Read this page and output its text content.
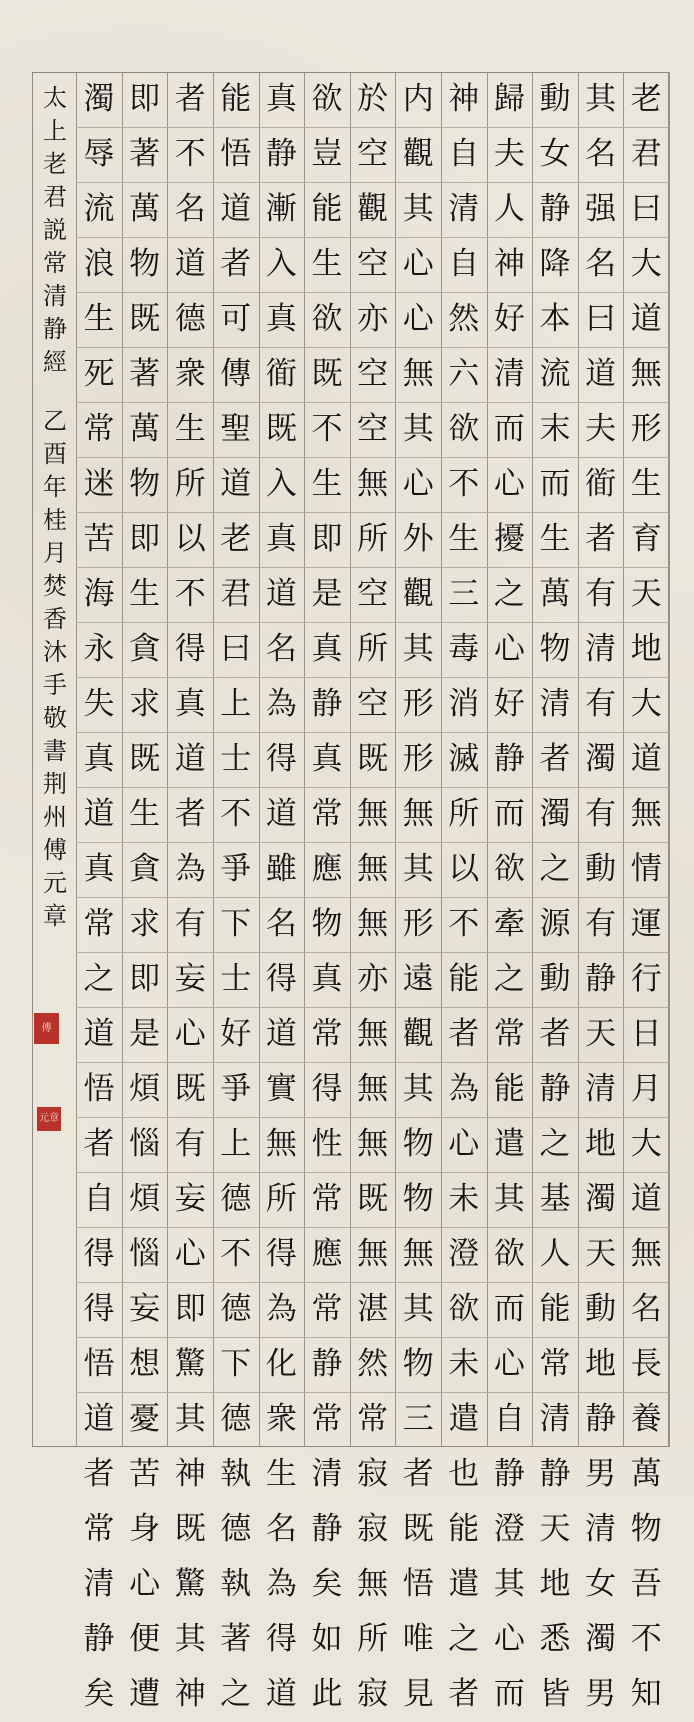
老
君
曰
大
道
無
形
生
育
天
地
大
道
無
情
運
行
日
月
大
道
無
名
長
養
萬
物
吾
不
知
其
名
强
名
曰
道
夫
衜
者
有
清
有
濁
有
動
有
静
天
清
地
濁
天
動
地
静
男
清
女
濁
男
動
女
静
降
本
流
末
而
生
萬
物
清
者
濁
之
源
動
者
静
之
基
人
能
常
清
静
天
地
悉
皆
歸
夫
人
神
好
清
而
心
擾
之
心
好
静
而
欲
牽
之
常
能
遣
其
欲
而
心
自
静
澄
其
心
而
神
自
清
自
然
六
欲
不
生
三
毒
消
滅
所
以
不
能
者
為
心
未
澄
欲
未
遣
也
能
遣
之
者
内
觀
其
心
心
無
其
心
外
觀
其
形
形
無
其
形
遠
觀
其
物
物
無
其
物
三
者
既
悟
唯
見
於
空
觀
空
亦
空
空
無
所
空
所
空
既
無
無
無
亦
無
無
無
既
無
湛
然
常
寂
寂
無
所
寂
欲
豈
能
生
欲
既
不
生
即
是
真
静
真
常
應
物
真
常
得
性
常
應
常
静
常
清
静
矣
如
此
真
静
漸
入
真
衜
既
入
真
道
名
為
得
道
雖
名
得
道
實
無
所
得
為
化
衆
生
名
為
得
道
能
悟
道
者
可
傳
聖
道
老
君
曰
上
士
不
爭
下
士
好
爭
上
德
不
德
下
德
執
德
執
著
之
者
不
名
道
德
衆
生
所
以
不
得
真
道
者
為
有
妄
心
既
有
妄
心
即
驚
其
神
既
驚
其
神
即
著
萬
物
既
著
萬
物
即
生
貪
求
既
生
貪
求
即
是
煩
惱
煩
惱
妄
想
憂
苦
身
心
便
遭
濁
辱
流
浪
生
死
常
迷
苦
海
永
失
真
道
真
常
之
道
悟
者
自
得
得
悟
道
者
常
清
静
矣
太
上
老
君
説
常
清
静
經
乙
酉
年
桂
月
焚
香
沐
手
敬
書
荆
州
傅
元
章
傅
元章
